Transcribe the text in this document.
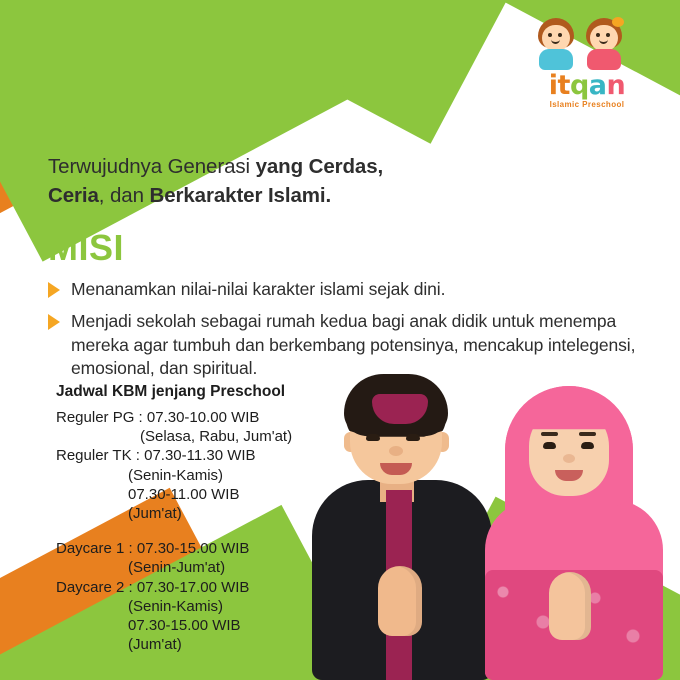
itqan
Islamic Preschool
VISI
Terwujudnya Generasi yang Cerdas,
Ceria, dan Berkarakter Islami.
MISI
Menanamkan nilai-nilai karakter islami sejak dini.
Menjadi sekolah sebagai rumah kedua bagi anak didik untuk menempa mereka agar tumbuh dan berkembang potensinya, mencakup intelegensi, emosional, dan spiritual.
Jadwal KBM jenjang Preschool
Reguler PG : 07.30-10.00 WIB
(Selasa, Rabu, Jum'at)
Reguler TK : 07.30-11.30 WIB
(Senin-Kamis)
07.30-11.00 WIB
(Jum'at)
Daycare 1 : 07.30-15.00 WIB
(Senin-Jum'at)
Daycare 2 : 07.30-17.00 WIB
(Senin-Kamis)
07.30-15.00 WIB
(Jum'at)
